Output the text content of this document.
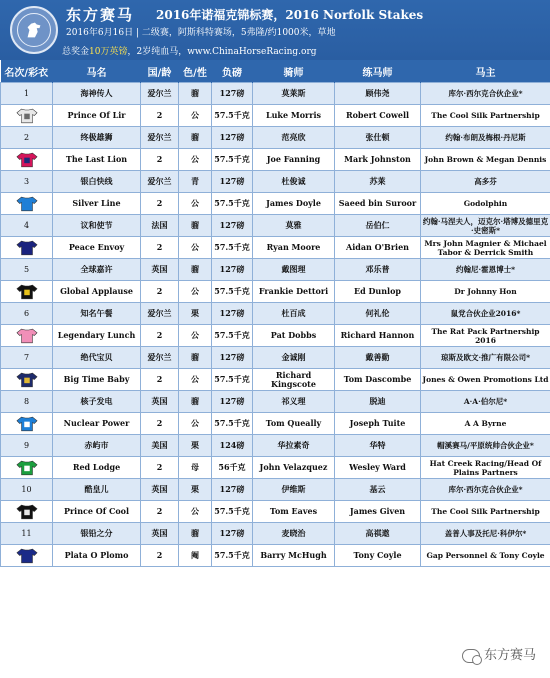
东方赛马 2016年诺福克锦标赛，2016 Norfolk Stakes
2016年6月16日 | 二级赛，阿斯科特赛场，5弗隆/约1000米，草地
总奖金10万英镑，2岁纯血马，www.ChinaHorseRacing.org
名次/彩衣	马名	国/龄	色/性	负磅	骑师	练马师	马主
1	海神传人	爱尔兰	骝	127磅	莫莱斯	顾伟尧	库尔·西尔克合伙企业*

	Prince Of Lir	2	公	57.5千克	Luke Morris	Robert Cowell	The Cool Silk Partnership
2	终极雄狮	爱尔兰	骝	127磅	范亮欣	张仕顿	约翰·布朗及梅根·丹尼斯

	The Last Lion	2	公	57.5千克	Joe Fanning	Mark Johnston	John Brown & Megan Dennis
3	银白快线	爱尔兰	青	127磅	杜俊诚	苏莱	高多芬

	Silver Line	2	公	57.5千克	James Doyle	Saeed bin Suroor	Godolphin
4	议和使节	法国	骝	127磅	莫雅	岳伯仁	约翰·马涅夫人，迈克尔·塔博及德里克·史密斯*

	Peace Envoy	2	公	57.5千克	Ryan Moore	Aidan O'Brien	Mrs John Magnier & Michael Tabor & Derrick Smith
5	全球嘉许	英国	骝	127磅	戴图理	邓乐普	约翰尼·霍恩博士*

	Global Applause	2	公	57.5千克	Frankie Dettori	Ed Dunlop	Dr Johnny Hon
6	知名午餐	爱尔兰	栗	127磅	杜百成	何礼伦	鼠党合伙企业2016*

	Legendary Lunch	2	公	57.5千克	Pat Dobbs	Richard Hannon	The Rat Pack Partnership 2016
7	绝代宝贝	爱尔兰	骝	127磅	金诚刚	戴善勤	琼斯及欧文·推广有限公司*

	Big Time Baby	2	公	57.5千克	Richard Kingscote	Tom Dascombe	Jones & Owen Promotions Ltd
8	核子发电	英国	骝	127磅	祁义理	脱迪	A·A·伯尔尼*

	Nuclear Power	2	公	57.5千克	Tom Queally	Joseph Tuite	A A Byrne
9	赤屿市	美国	栗	124磅	华拉素奇	华特	帽溪赛马/平原统帅合伙企业*

	Red Lodge	2	母	56千克	John Velazquez	Wesley Ward	Hat Creek Racing/Head Of Plains Partners
10	酷皇儿	英国	栗	127磅	伊维斯	基云	库尔·西尔克合伙企业*

	Prince Of Cool	2	公	57.5千克	Tom Eaves	James Given	The Cool Silk Partnership
11	银铅之分	英国	骝	127磅	麦晓治	高祺遨	盖普人事及托尼·科伊尔*

	Plata O Plomo	2	阉	57.5千克	Barry McHugh	Tony Coyle	Gap Personnel & Tony Coyle
东方赛马
